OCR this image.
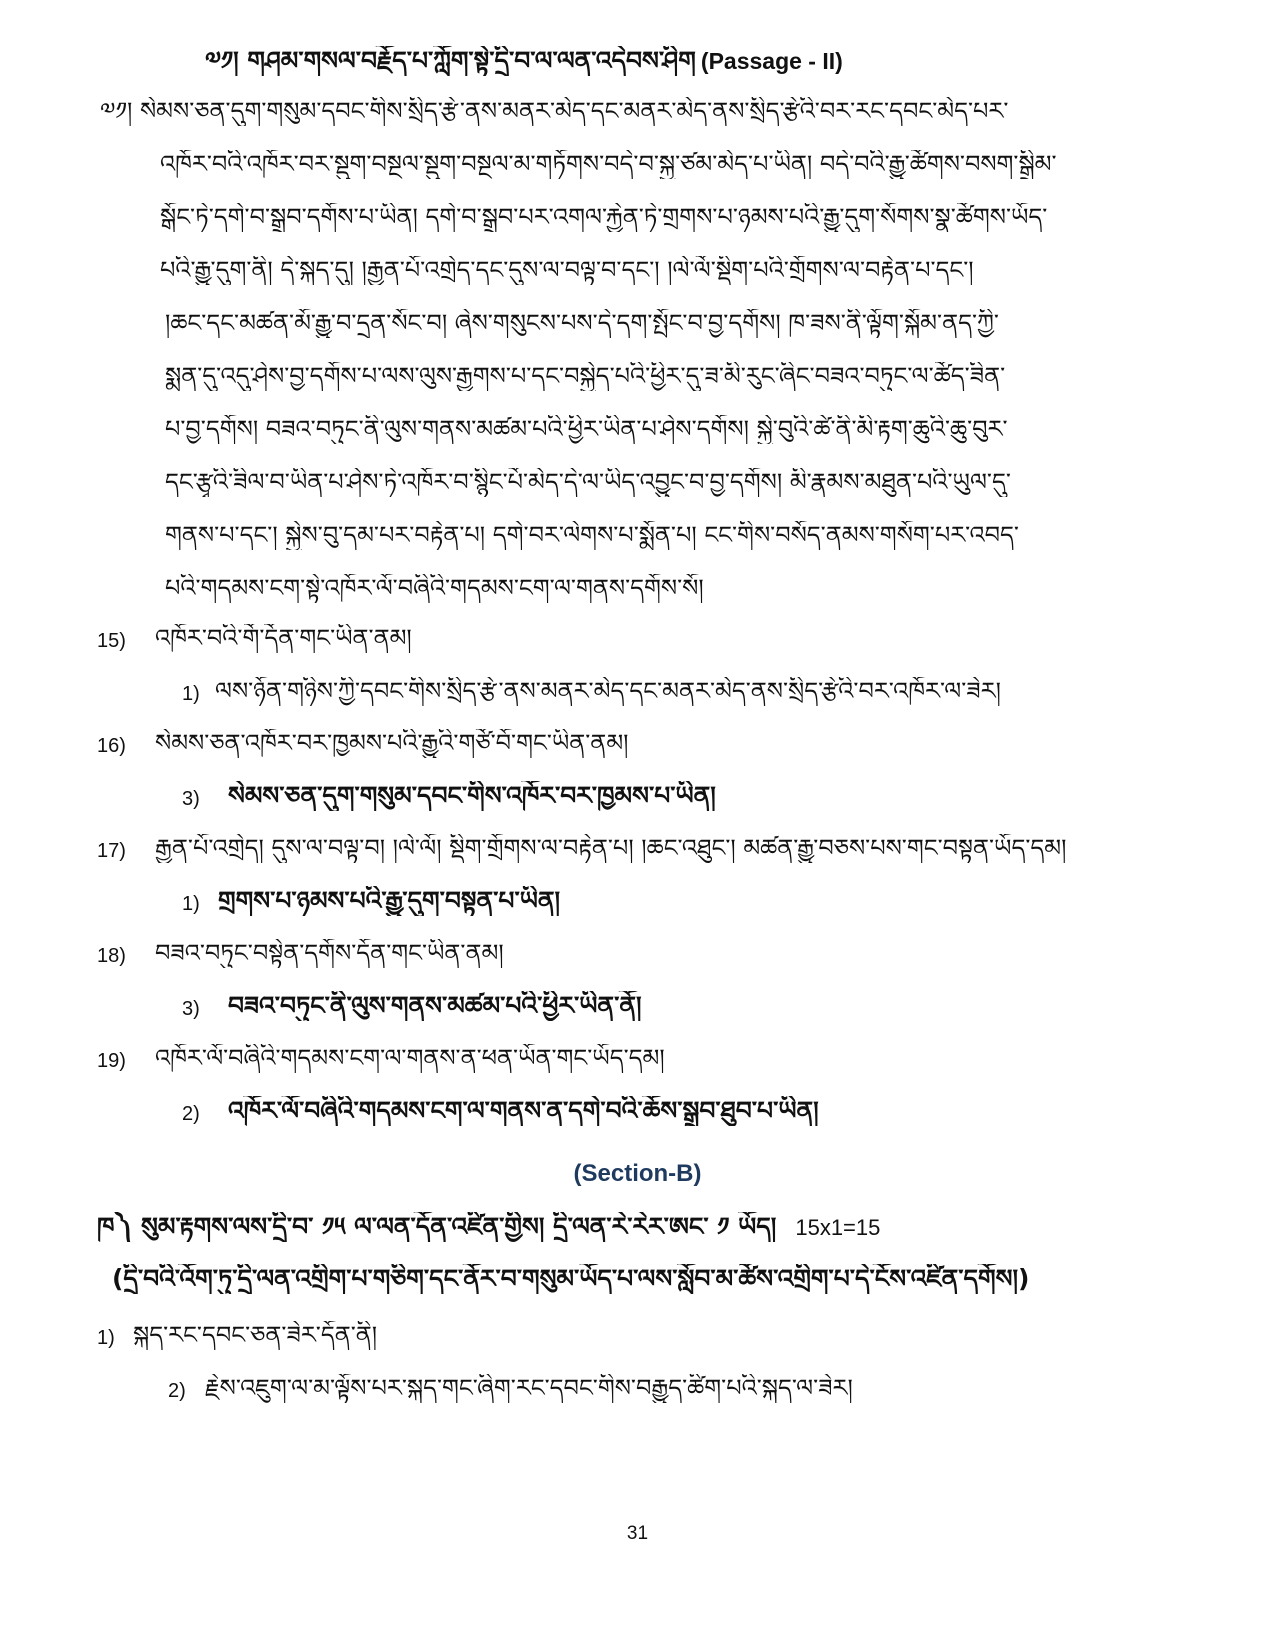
༧༡། གཤམ་གསལ་བརྗོད་པ་ཀློག་སྟེ་དྲི་བ་ལ་ལན་འདེབས་ཤིག (Passage - II)
༧༡། སེམས་ཅན་དུག་གསུམ་དབང་གིས་སྲིད་རྩེ་ནས་མནར་མེད་དང་མནར་མེད་ནས་སྲིད་རྩེའི་བར་རང་དབང་མེད་པར་
འཁོར་བའི་འཁོར་བར་སྡུག་བསྔལ་སྡུག་བསྔལ་མ་གཏོགས་བདེ་བ་སྐྱ་ཙམ་མེད་པ་ཡིན། བདེ་བའི་རྒྱུ་ཚོགས་བསག་སྒྲིམ་
སྒོང་ཏེ་དགེ་བ་སྒྲུབ་དགོས་པ་ཡིན། དགེ་བ་སྒྲུབ་པར་འགལ་རྐྱེན་ཏེ་གྲགས་པ་ཉམས་པའི་རྒྱུ་དུག་སོགས་སྣ་ཚོགས་ཡོད་
པའི་རྒྱུ་དུག་ནི། དེ་སྐད་དུ། །རྒྱན་པོ་འགྲེད་དང་དུས་ལ་བལྟ་བ་དང་། །ལེ་ལོ་སྡིག་པའི་གྲོགས་ལ་བརྟེན་པ་དང་།
།ཆང་དང་མཚན་མོ་རྒྱུ་བ་དྲན་སོང་བ། ཞེས་གསུངས་པས་དེ་དག་སྤོང་བ་བྱ་དགོས། ཁ་ཟས་ནི་ལྟོག་སྐོམ་ནད་ཀྱི་
སྨན་དུ་འདུ་ཤེས་བྱ་དགོས་པ་ལས་ལུས་རྒྱགས་པ་དང་བསྐྱེད་པའི་ཕྱིར་དུ་ཟ་མི་རུང་ཞིང་བཟའ་བཏུང་ལ་ཚོད་ཟིན་
པ་བྱ་དགོས། བཟའ་བཏུང་ནི་ལུས་གནས་མཚམ་པའི་ཕྱིར་ཡིན་པ་ཤེས་དགོས། སྐྱེ་བུའི་ཚེ་ནི་མི་རྟག་ཆུའི་ཆུ་བུར་
དང་རྩྭའི་ཟིལ་བ་ཡིན་པ་ཤེས་ཏེ་འཁོར་བ་སྙིང་པོ་མེད་དེ་ལ་ཡིད་འབྱུང་བ་བྱ་དགོས། མི་རྣམས་མཐུན་པའི་ཡུལ་དུ་
གནས་པ་དང་། སྐྱེས་བུ་དམ་པར་བརྟེན་པ། དགེ་བར་ལེགས་པ་སྨོན་པ། ངང་གིས་བསོད་ནམས་གསོག་པར་འབད་
པའི་གདམས་ངག་སྟེ་འཁོར་ལོ་བཞིའི་གདམས་ངག་ལ་གནས་དགོས་སོ།
15) འཁོར་བའི་གོ་དོན་གང་ཡིན་ནམ།
1) ལས་ཉོན་གཉིས་ཀྱི་དབང་གིས་སྲིད་རྩེ་ནས་མནར་མེད་དང་མནར་མེད་ནས་སྲིད་རྩེའི་བར་འཁོར་ལ་ཟེར།
16) སེམས་ཅན་འཁོར་བར་ཁྱམས་པའི་རྒྱུའི་གཙོ་བོ་གང་ཡིན་ནམ།
3) སེམས་ཅན་དུག་གསུམ་དབང་གིས་འཁོར་བར་ཁྱམས་པ་ཡིན།
17) རྒྱན་པོ་འགྲེད། དུས་ལ་བལྟ་བ། །ལེ་ལོ། སྡིག་གྲོགས་ལ་བརྟེན་པ། །ཆང་འཐུང་། མཚན་རྒྱུ་བཅས་པས་གང་བསྟན་ཡོད་དམ།
1) གྲགས་པ་ཉམས་པའི་རྒྱུ་དུག་བསྟན་པ་ཡིན།
18) བཟའ་བཏུང་བསྟེན་དགོས་དོན་གང་ཡིན་ནམ།
3) བཟའ་བཏུང་ནི་ལུས་གནས་མཚམ་པའི་ཕྱིར་ཡིན་ནོ།
19) འཁོར་ལོ་བཞིའི་གདམས་ངག་ལ་གནས་ན་ཕན་ཡོན་གང་ཡོད་དམ།
2) འཁོར་ལོ་བཞིའི་གདམས་ངག་ལ་གནས་ན་དགེ་བའི་ཆོས་སྒྲུབ་ཐུབ་པ་ཡིན།
(Section-B)
ཁ༽ སུམ་རྟགས་ལས་དྲི་བ་ ༡༥ ལ་ལན་དོན་འཛིན་གྱིས། དྲི་ལན་རེ་རེར་ཨང་ ༡ ཡོད། 15x1=15
(དྲི་བའི་འོག་ཏུ་དྲི་ལན་འགྲིག་པ་གཅིག་དང་ནོར་བ་གསུམ་ཡོད་པ་ལས་སློབ་མ་ཚོས་འགྲིག་པ་དེ་ངོས་འཛིན་དགོས།)
1) སྐད་རང་དབང་ཅན་ཟེར་དོན་ནི།
2) རྗེས་འཇུག་ལ་མ་ལྟོས་པར་སྐད་གང་ཞིག་རང་དབང་གིས་བརྒྱུད་ཚིག་པའི་སྐད་ལ་ཟེར།
31
